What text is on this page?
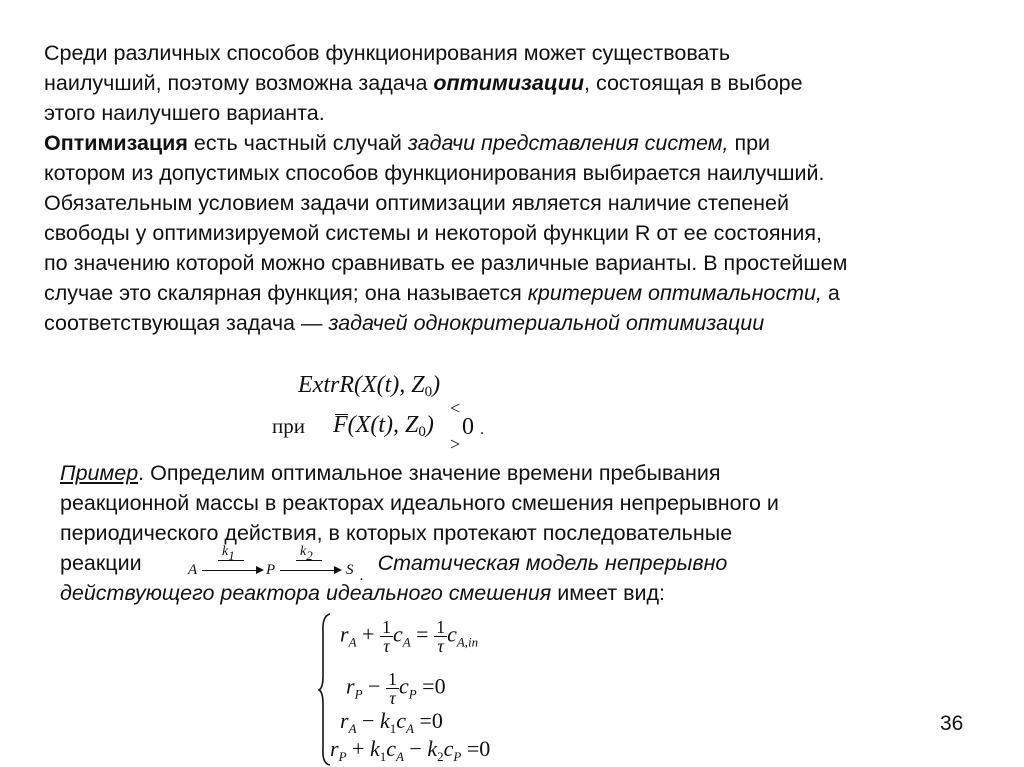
Среди различных способов функционирования может существовать
наилучший, поэтому возможна задача оптимизации, состоящая в выборе
этого наилучшего варианта.
Оптимизация есть частный случай задачи представления систем, при
котором из допустимых способов функционирования выбирается наилучший.
Обязательным условием задачи оптимизации является наличие степеней
свободы у оптимизируемой системы и некоторой функции R от ее состояния,
по значению которой можно сравнивать ее различные варианты. В простейшем
случае это скалярная функция; она называется критерием оптимальности, а
соответствующая задача — задачей однокритериальной оптимизации
ExtrR(X(t), $Z_0$)
при F(X(t), $Z_0$)
<
>
0 .
Пример. Определим оптимальное значение времени пребывания
реакционной массы в реакторах идеального смешения непрерывного и
периодического действия, в которых протекают последовательные
реакции	Статическая модель непрерывно
действующего реактора идеального смешения имеет вид:
A
k1
P
k2
S .
$r_A + \frac{1}{\tau} c_A = \frac{1}{\tau} c_{A,in}$
$r_P - \frac{1}{\tau} c_P =0$
$r_A - k_1c_A =0$
$r_P + k_1c_A - k_2c_P =0$
36
